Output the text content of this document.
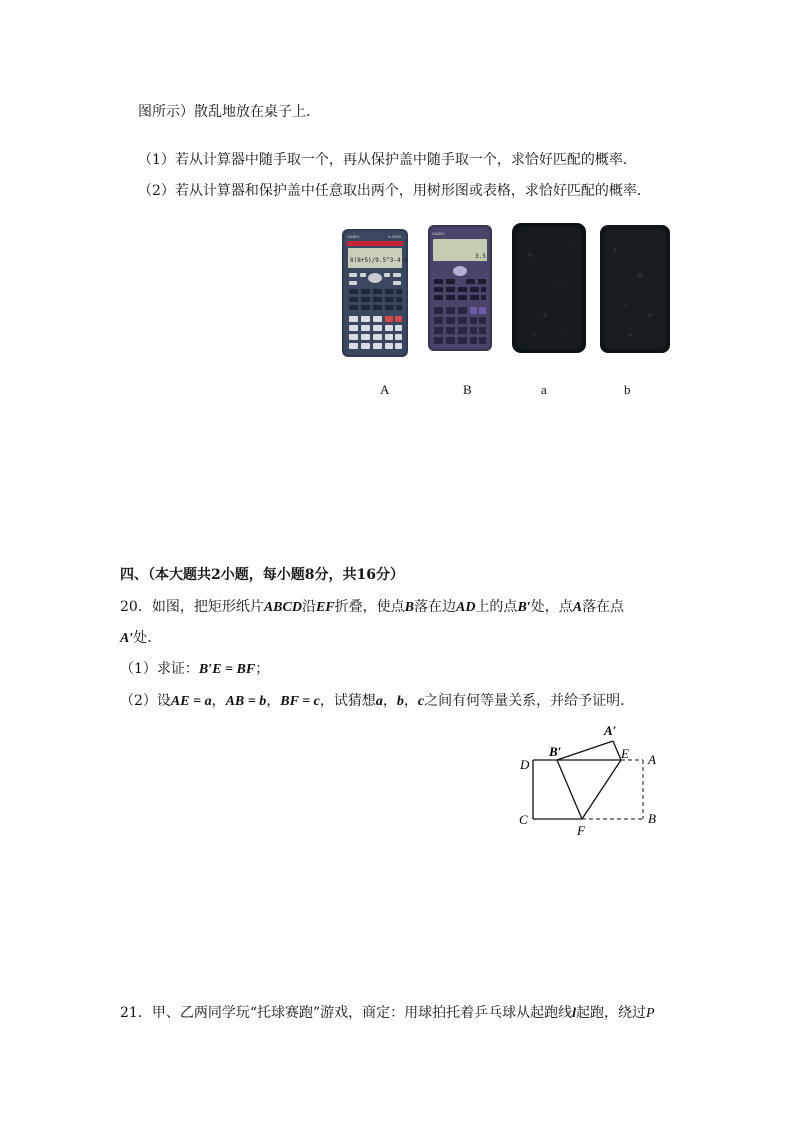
图所示）散乱地放在桌子上．
（1）若从计算器中随手取一个，再从保护盖中随手取一个，求恰好匹配的概率．
（2）若从计算器和保护盖中任意取出两个，用树形图或表格，求恰好匹配的概率．
CASIO	fx-82MS
8(8+5)/9.5^3-4.0
CASIO
3.5
A	B	a	b
四、（本大题共2小题，每小题8分，共16分）
20．如图，把矩形纸片ABCD沿EF折叠，使点B落在边AD上的点B′处，点A落在点
A′处．
（1）求证：B′E = BF；
（2）设AE = a，AB = b，BF = c，试猜想a，b，c之间有何等量关系，并给予证明．
A′
B′	E A
D
C
F
B
21．甲、乙两同学玩“托球赛跑”游戏，商定：用球拍托着乒乓球从起跑线l起跑，绕过P
